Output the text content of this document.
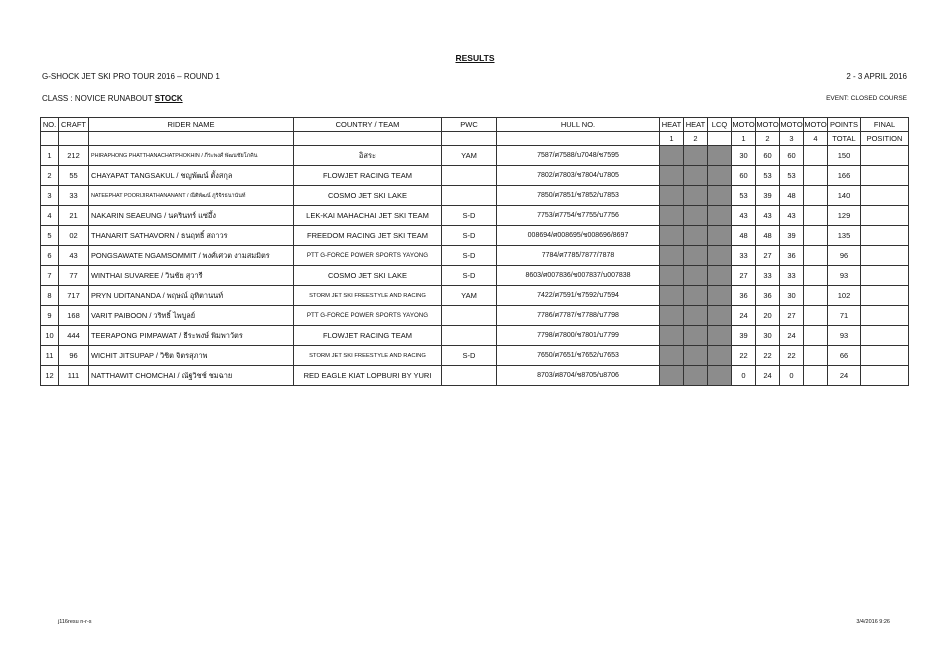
RESULTS
G-SHOCK JET SKI PRO TOUR 2016 – ROUND 1	2 - 3 APRIL 2016
CLASS : NOVICE RUNABOUT STOCK	EVENT: CLOSED COURSE
NO.	CRAFT	RIDER NAME	COUNTRY / TEAM	PWC	HULL NO.	HEAT	HEAT	LCQ	MOTO	MOTO	MOTO	MOTO	POINTS	FINAL
						1	2		1	2	3	4	TOTAL	POSITION
1	212	PHIRAPHONG PHATTHANACHATPHOKHIN / ภีระพงศ์ พัฒนชัยโภคิน	อิสระ	YAM	7587/ศ7588/บ7048/ช7595				30	60	60		150	
2	55	CHAYAPAT TANGSAKUL / ชญพัฒน์ ตั้งสกุล	FLOWJET RACING TEAM		7802/ศ7803/ช7804/บ7805				60	53	53		166	
3	33	NATEEPHAT POORIJIRATHANANANT / ณีติพัฒน์ ภูริจิรธนานันท์	COSMO JET SKI LAKE		7850/ศ7851/ช7852/บ7853				53	39	48		140	
4	21	NAKARIN SEAEUNG / นครินทร์ แซ่อึ้ง	LEK-KAI MAHACHAI JET SKI TEAM	S-D	7753/ศ7754/ช7755/บ7756				43	43	43		129	
5	02	THANARIT SATHAVORN / ธนฤทธิ์ สถาวร	FREEDOM RACING JET SKI TEAM	S-D	008694/ศ008695/ช008696/8697				48	48	39		135	
6	43	PONGSAWATE NGAMSOMMIT / พงศ์เศวต งามสมมิตร	PTT G-FORCE POWER SPORTS YAYONG	S-D	7784/ศ7785/7877/7878				33	27	36		96	
7	77	WINTHAI SUVAREE / วินชัย สุวารี	COSMO JET SKI LAKE	S-D	8603/ศ007836/ช007837/บ007838				27	33	33		93	
8	717	PRYN UDITANANDA / พฤษณ์ อุทิตานนท์	STORM JET SKI FREESTYLE AND RACING	YAM	7422/ศ7591/ช7592/บ7594				36	36	30		102	
9	168	VARIT PAIBOON / วริทธิ์ ไพบูลย์	PTT G-FORCE POWER SPORTS YAYONG		7786/ศ7787/ช7788/บ7798				24	20	27		71	
10	444	TEERAPONG PIMPAWAT / ธีระพงษ์ พิมพาวัตร	FLOWJET RACING TEAM		7798/ศ7800/ช7801/บ7799				39	30	24		93	
11	96	WICHIT JITSUPAP / วิชิต จิตรสุภาพ	STORM JET SKI FREESTYLE AND RACING	S-D	7650/ศ7651/ช7652/บ7653				22	22	22		66	
12	111	NATTHAWIT CHOMCHAI / ณัฐวิชช์ ชมฉาย	RED EAGLE KIAT LOPBURI BY YURI		8703/ศ8704/ช8705/บ8706				0	24	0		24	
j116resu n-r-s	3/4/2016 9:26
